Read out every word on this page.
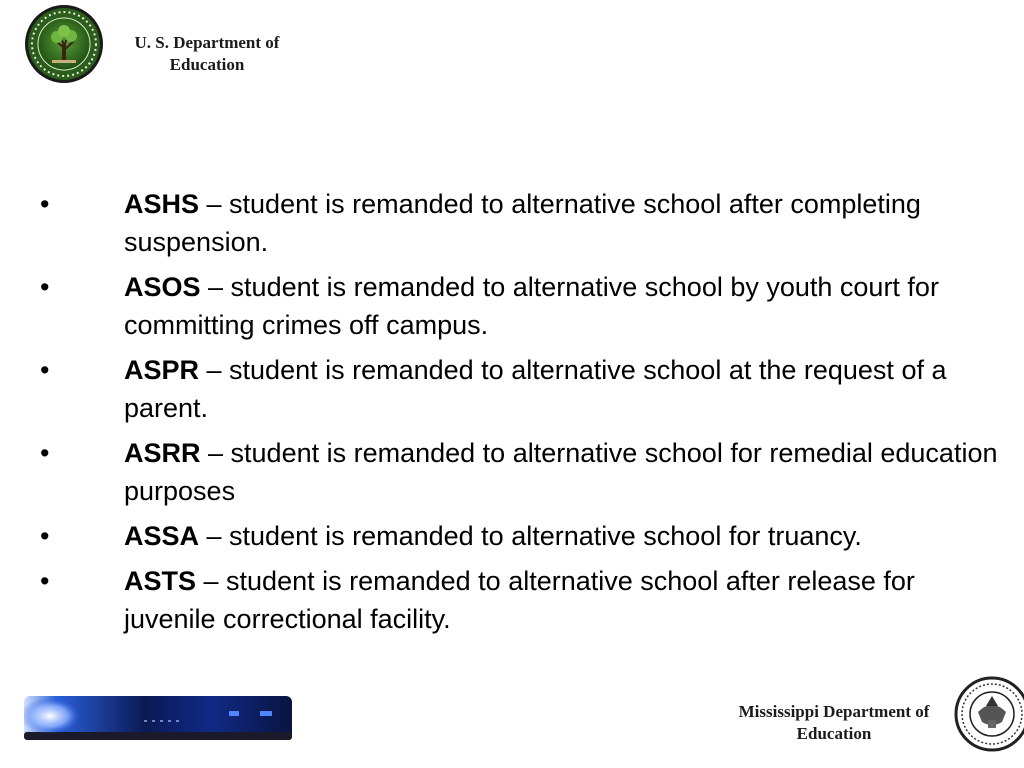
U. S. Department of
Education
•	ASHS – student is remanded to alternative school after completing suspension.
•	ASOS – student is remanded to alternative school by youth court for committing crimes off campus.
•	ASPR – student is remanded to alternative school at the request of a parent.
•	ASRR – student is remanded to alternative school for remedial education purposes
•	ASSA – student is remanded to alternative school for truancy.
•	ASTS – student is remanded to alternative school after release for juvenile correctional facility.
Mississippi Department of
Education
